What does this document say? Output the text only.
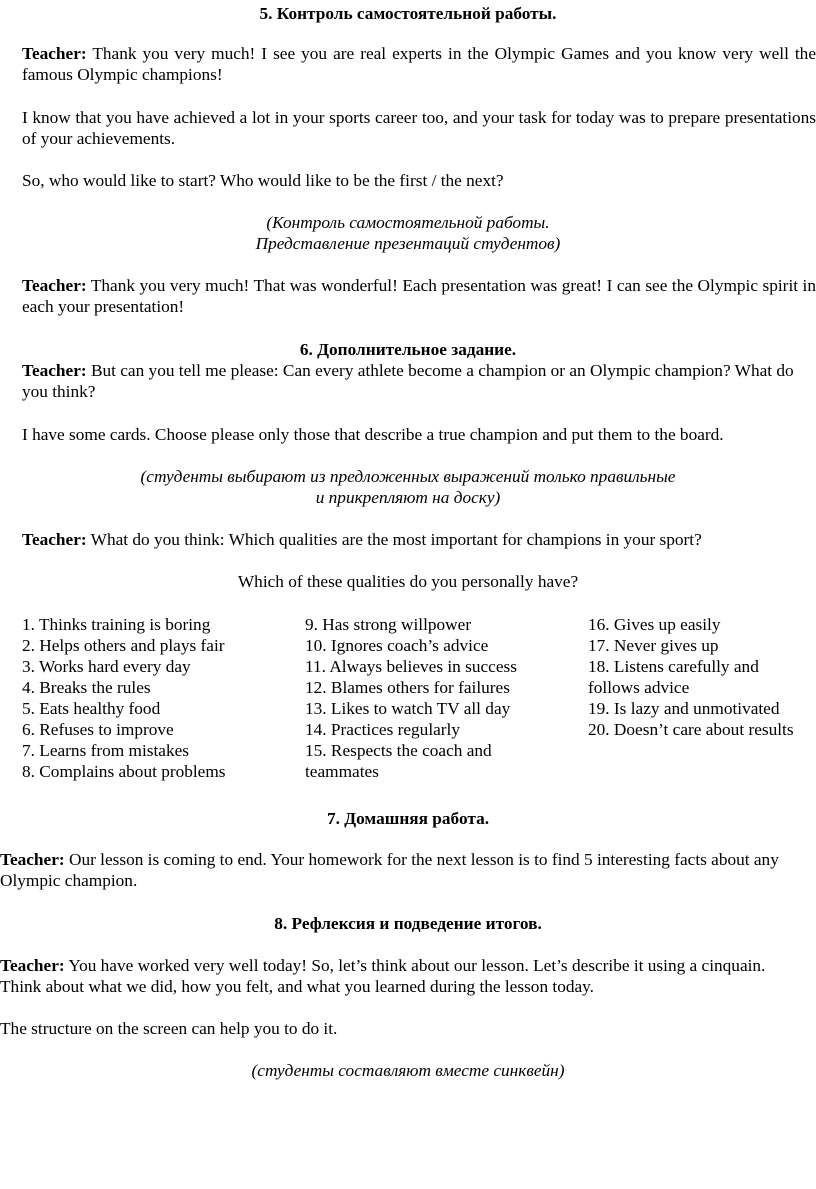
5. Контроль самостоятельной работы.
Teacher: Thank you very much! I see you are real experts in the Olympic Games and you know very well the famous Olympic champions!
I know that you have achieved a lot in your sports career too, and your task for today was to prepare presentations of your achievements.
So, who would like to start? Who would like to be the first / the next?
(Контроль самостоятельной работы.
Представление презентаций студентов)
Teacher: Thank you very much! That was wonderful! Each presentation was great! I can see the Olympic spirit in each your presentation!
6. Дополнительное задание.
Teacher: But can you tell me please: Can every athlete become a champion or an Olympic champion? What do you think?
I have some cards. Choose please only those that describe a true champion and put them to the board.
(студенты выбирают из предложенных выражений только правильные
и прикрепляют на доску)
Teacher: What do you think: Which qualities are the most important for champions in your sport?
Which of these qualities do you personally have?
1. Thinks training is boring
2. Helps others and plays fair
3. Works hard every day
4. Breaks the rules
5. Eats healthy food
6. Refuses to improve
7. Learns from mistakes
8. Complains about problems
9. Has strong willpower
10. Ignores coach’s advice
11. Always believes in success
12. Blames others for failures
13. Likes to watch TV all day
14. Practices regularly
15. Respects the coach and
teammates
16. Gives up easily
17. Never gives up
18. Listens carefully and
follows advice
19. Is lazy and unmotivated
20. Doesn’t care about results
7. Домашняя работа.
Teacher: Our lesson is coming to end. Your homework for the next lesson is to find 5 interesting facts about any Olympic champion.
8. Рефлексия и подведение итогов.
Teacher: You have worked very well today! So, let’s think about our lesson. Let’s describe it using a cinquain. Think about what we did, how you felt, and what you learned during the lesson today.
The structure on the screen can help you to do it.
(студенты составляют вместе синквейн)
